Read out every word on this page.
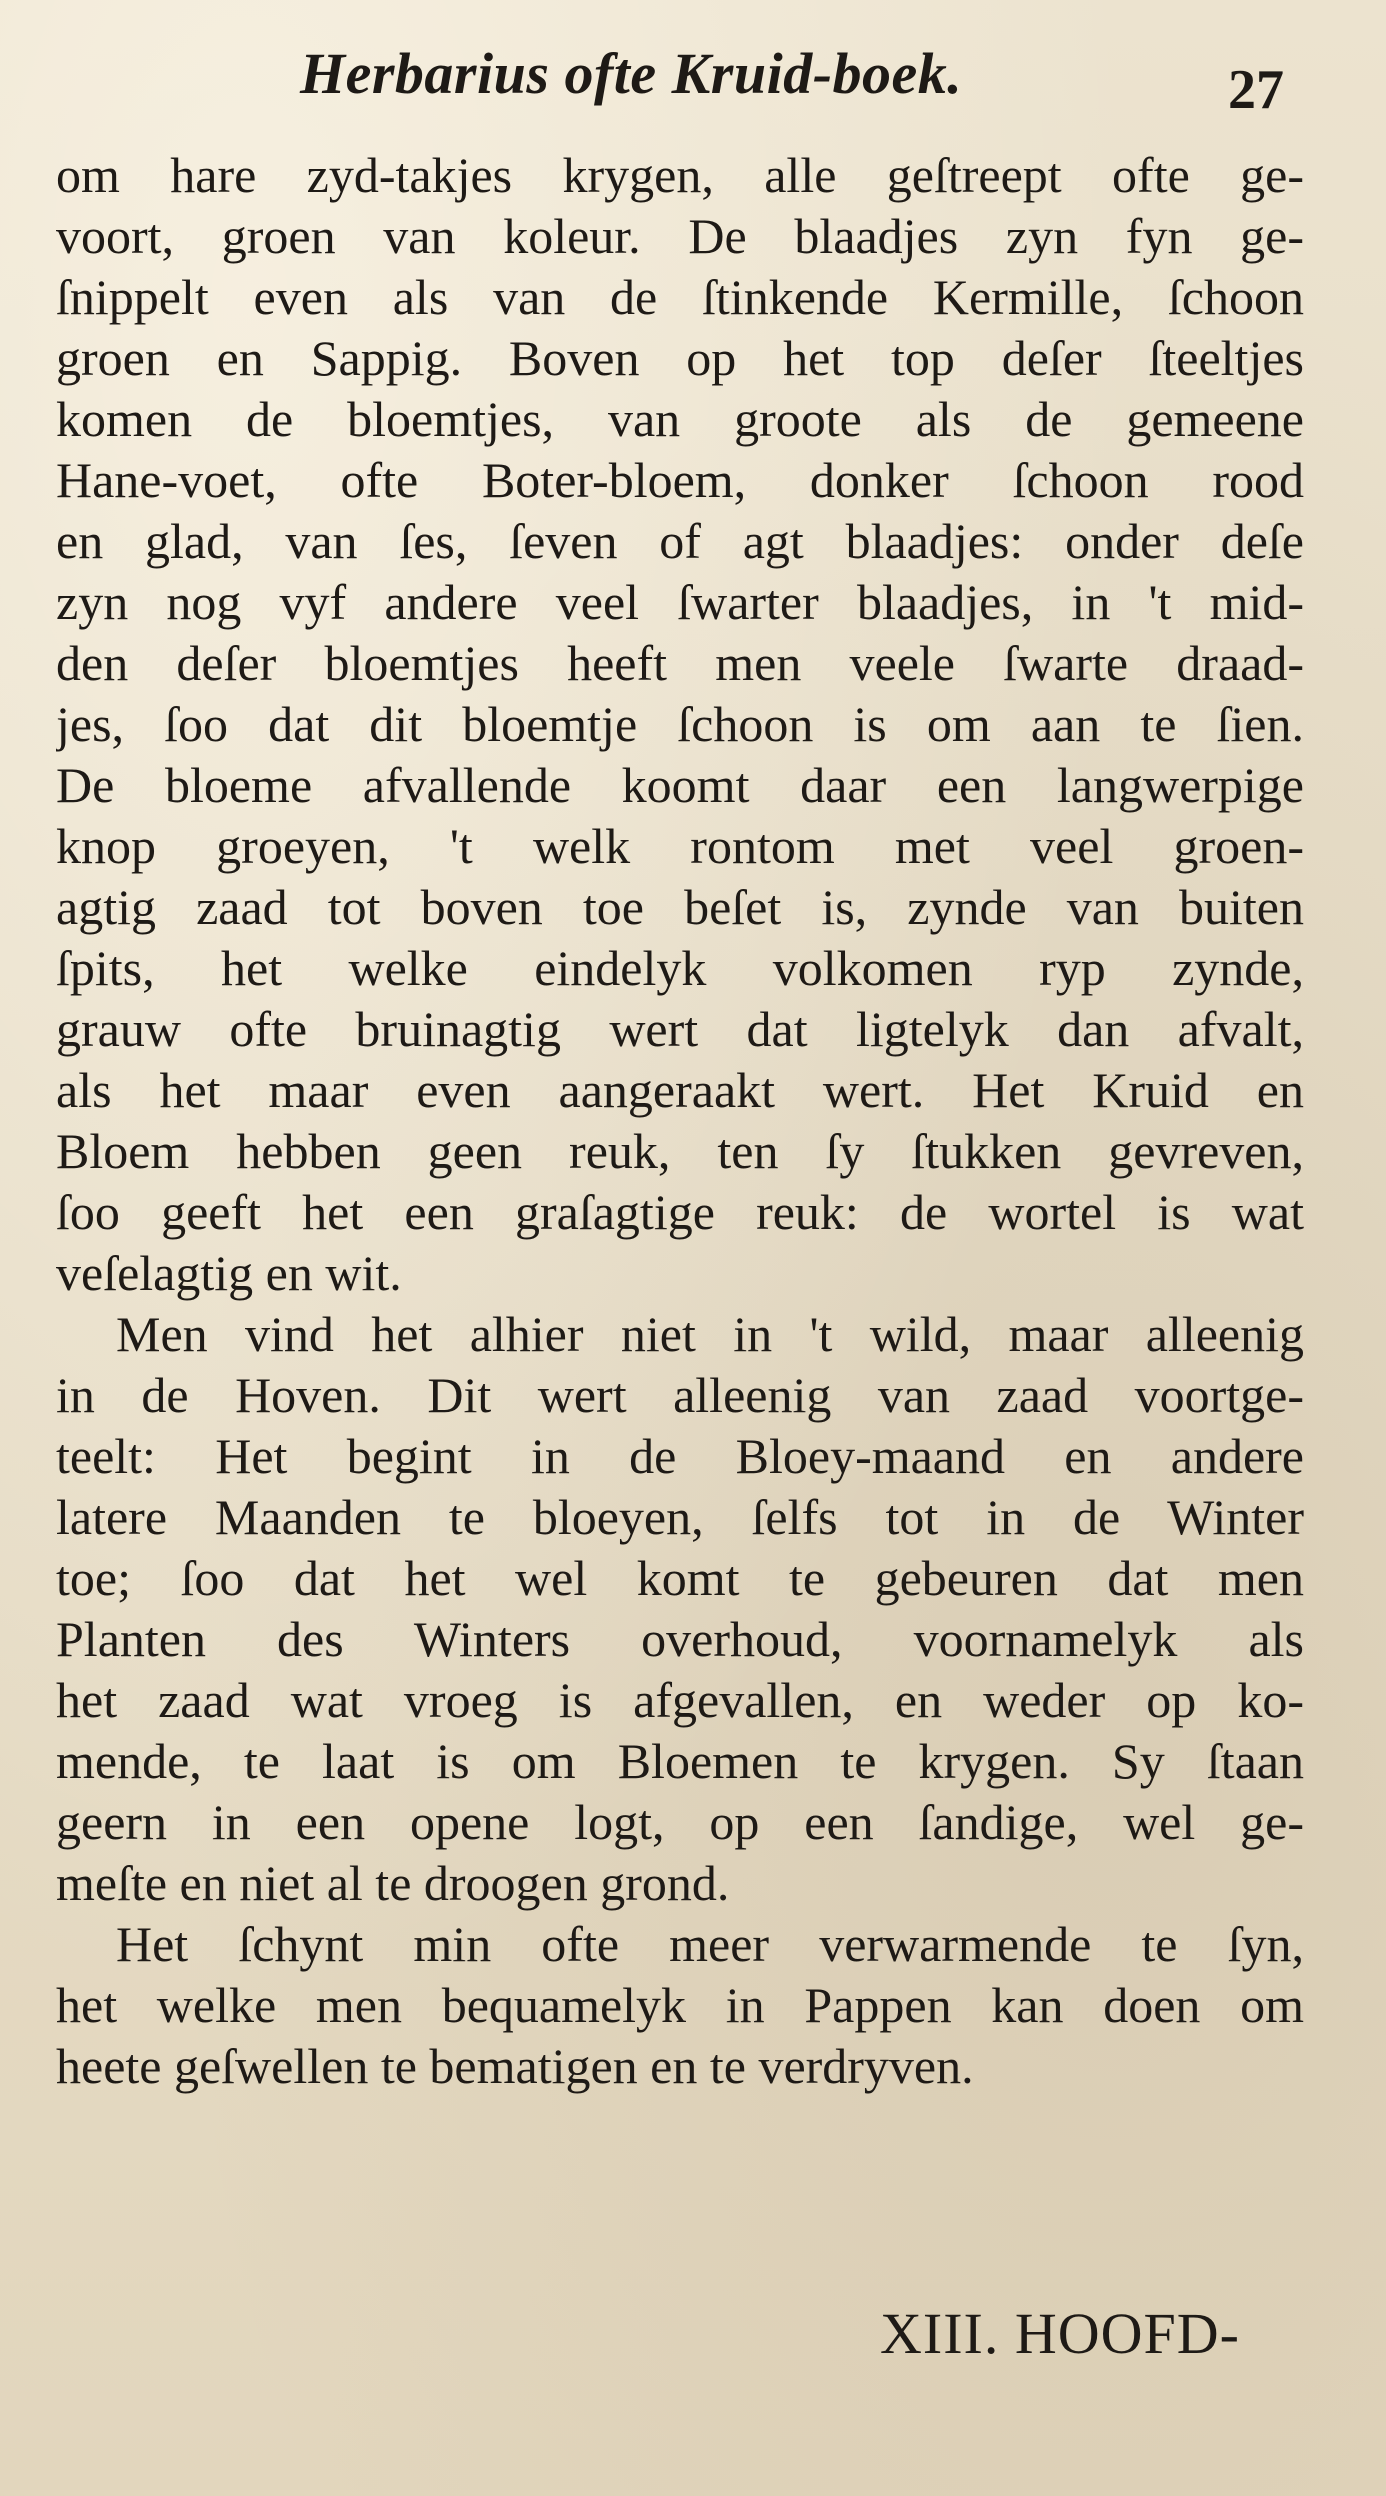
Herbarius ofte Kruid-boek.	27
om hare zyd-takjes krygen, alle geſtreept ofte ge-
voort, groen van koleur. De blaadjes zyn fyn ge-
ſnippelt even als van de ſtinkende Kermille, ſchoon
groen en Sappig. Boven op het top deſer ſteeltjes
komen de bloemtjes, van groote als de gemeene
Hane-voet, ofte Boter-bloem, donker ſchoon rood
en glad, van ſes, ſeven of agt blaadjes: onder deſe
zyn nog vyf andere veel ſwarter blaadjes, in 't mid-
den deſer bloemtjes heeft men veele ſwarte draad-
jes, ſoo dat dit bloemtje ſchoon is om aan te ſien.
De bloeme afvallende koomt daar een langwerpige
knop groeyen, 't welk rontom met veel groen-
agtig zaad tot boven toe beſet is, zynde van buiten
ſpits, het welke eindelyk volkomen ryp zynde,
grauw ofte bruinagtig wert dat ligtelyk dan afvalt,
als het maar even aangeraakt wert. Het Kruid en
Bloem hebben geen reuk, ten ſy ſtukken gevreven,
ſoo geeft het een graſagtige reuk: de wortel is wat
veſelagtig en wit.
Men vind het alhier niet in 't wild, maar alleenig
in de Hoven. Dit wert alleenig van zaad voortge-
teelt: Het begint in de Bloey-maand en andere
latere Maanden te bloeyen, ſelfs tot in de Winter
toe; ſoo dat het wel komt te gebeuren dat men
Planten des Winters overhoud, voornamelyk als
het zaad wat vroeg is afgevallen, en weder op ko-
mende, te laat is om Bloemen te krygen. Sy ſtaan
geern in een opene logt, op een ſandige, wel ge-
meſte en niet al te droogen grond.
Het ſchynt min ofte meer verwarmende te ſyn,
het welke men bequamelyk in Pappen kan doen om
heete geſwellen te bematigen en te verdryven.
XIII. HOOFD-
